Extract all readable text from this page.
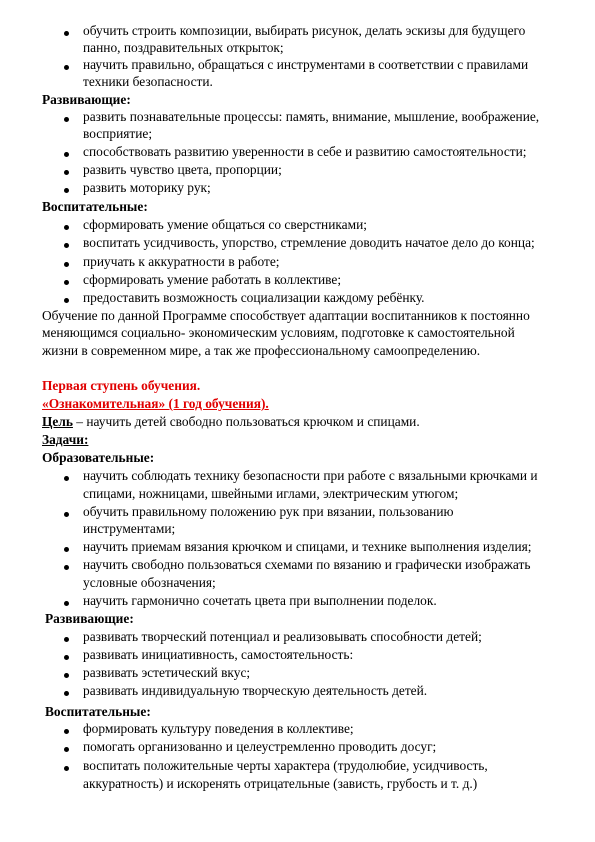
обучить строить композиции, выбирать рисунок, делать эскизы для будущего
панно, поздравительных открыток;
научить правильно, обращаться с инструментами в соответствии с правилами
техники безопасности.
Развивающие:
развить познавательные процессы: память, внимание, мышление, воображение,
восприятие;
способствовать развитию уверенности в себе и развитию самостоятельности;
развить чувство цвета, пропорции;
развить моторику рук;
Воспитательные:
сформировать умение общаться со сверстниками;
воспитать усидчивость, упорство, стремление доводить начатое дело до конца;
приучать к аккуратности в работе;
сформировать умение работать в коллективе;
предоставить возможность социализации каждому ребёнку.
Обучение по данной Программе способствует адаптации воспитанников к постоянно
меняющимся социально- экономическим условиям, подготовке к самостоятельной
жизни в современном мире, а так же профессиональному самоопределению.
Первая ступень обучения.
«Ознакомительная» (1 год обучения).
Цель – научить детей свободно пользоваться крючком и спицами.
Задачи:
Образовательные:
научить соблюдать технику безопасности при работе с вязальными крючками и
спицами, ножницами, швейными иглами, электрическим утюгом;
обучить правильному положению рук при вязании, пользованию
инструментами;
научить приемам вязания крючком и спицами, и технике выполнения изделия;
научить свободно пользоваться схемами по вязанию и графически изображать
условные обозначения;
научить гармонично сочетать цвета при выполнении поделок.
Развивающие:
развивать творческий потенциал и реализовывать способности детей;
развивать инициативность, самостоятельность:
развивать эстетический вкус;
развивать индивидуальную творческую деятельность детей.
Воспитательные:
формировать культуру поведения в коллективе;
помогать организованно и целеустремленно проводить досуг;
воспитать положительные черты характера (трудолюбие, усидчивость,
аккуратность) и искоренять отрицательные (зависть, грубость и т. д.)
